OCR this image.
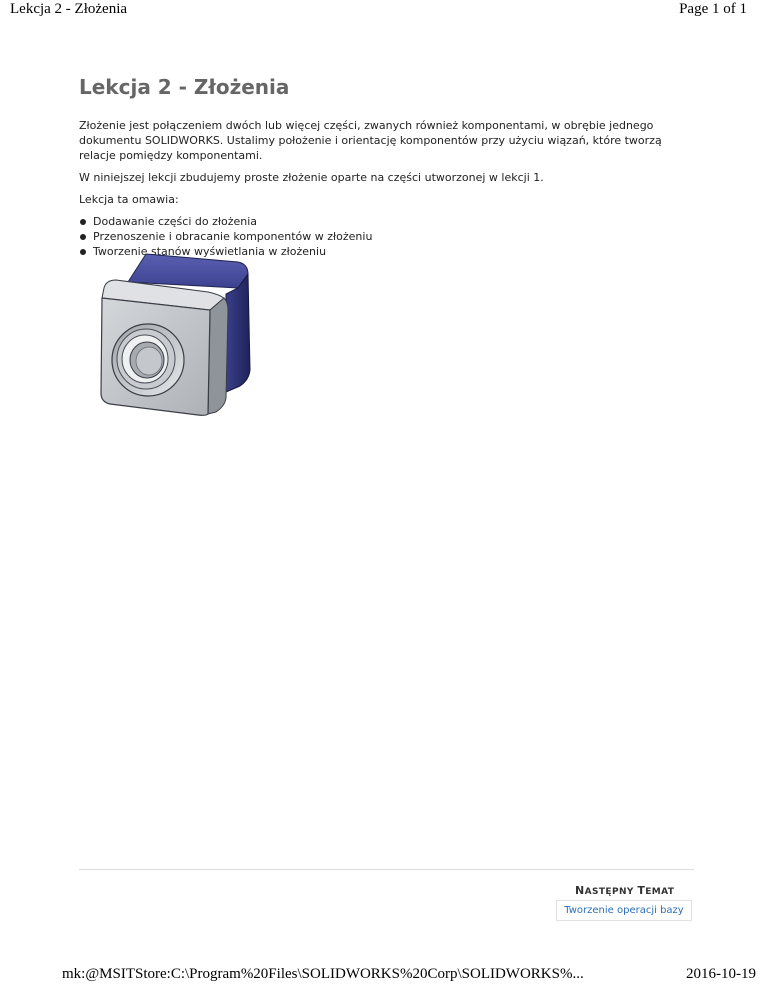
Lekcja 2 - Złożenia	Page 1 of 1
Lekcja 2 - Złożenia

Złożenie jest połączeniem dwóch lub więcej części, zwanych również komponentami, w obrębie jednego dokumentu SOLIDWORKS. Ustalimy położenie i orientację komponentów przy użyciu wiązań, które tworzą relacje pomiędzy komponentami.

W niniejszej lekcji zbudujemy proste złożenie oparte na części utworzonej w lekcji 1.

Lekcja ta omawia:

Dodawanie części do złożenia
Przenoszenie i obracanie komponentów w złożeniu
Tworzenie stanów wyświetlania w złożeniu
NASTĘPNY TEMAT
Tworzenie operacji bazy
mk:@MSITStore:C:\Program%20Files\SOLIDWORKS%20Corp\SOLIDWORKS%...	2016-10-19
